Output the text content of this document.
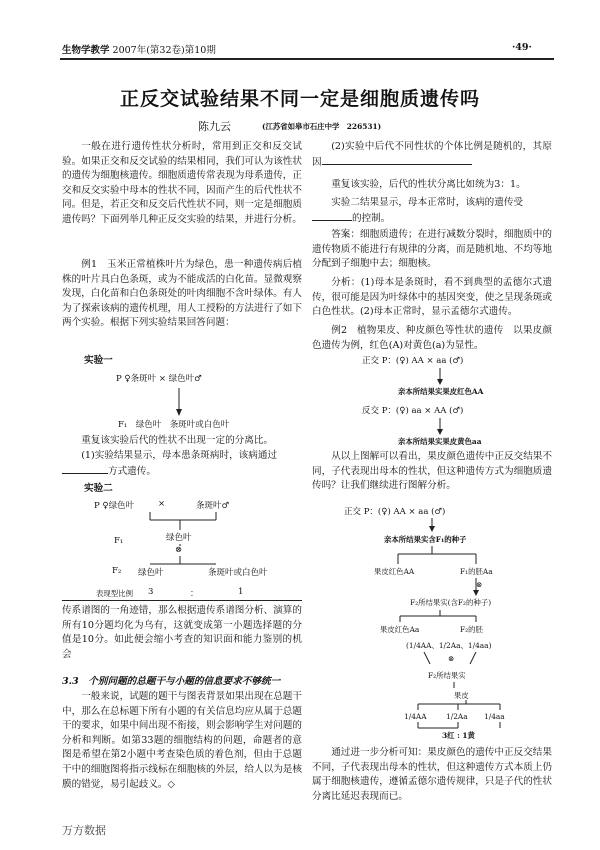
生物学教学 2007年(第32卷)第10期	·49·
正反交试验结果不同一定是细胞质遗传吗
陈九云	(江苏省如皋市石庄中学　226531)
一般在进行遗传性状分析时，常用到正交和反交试验。如果正交和反交试验的结果相同，我们可认为该性状的遗传为细胞核遗传。细胞质遗传常表现为母系遗传，正交和反交实验中母本的性状不同，因而产生的后代性状不同。但是，若正交和反交后代性状不同，则一定是细胞质遗传吗？下面列举几种正反交实验的结果，并进行分析。
例1　玉米正常植株叶片为绿色，患一种遗传病后植株的叶片具白色条斑，或为不能成活的白化苗。显微观察发现，白化苗和白色条斑处的叶肉细胞不含叶绿体。有人为了探索该病的遗传机理，用人工授粉的方法进行了如下两个实验。根据下列实验结果回答问题：
实验一
P ♀条斑叶 × 绿色叶♂
F₁　绿色叶　条斑叶或白色叶
重复该实验后代的性状不出现一定的分离比。
(1)实验结果显示，母本患条斑病时，该病通过
方式遗传。
实验二
P ♀绿色叶	×	条斑叶♂
F₁	绿色叶
⊗
F₂ 绿色叶	条斑叶或白色叶
表现型比例 3	：	1
传系谱图的一角迹错，那么根据遗传系谱图分析、演算的所有10分题均化为乌有，这就变成第一小题选择题的分值是10分。如此便会缩小考查的知识面和能力鉴别的机会
3.3　个别问题的总题干与小题的信息要求不够统一
一般来说，试题的题干与图表背景如果出现在总题干中，那么在总标题下所有小题的有关信息均应从属于总题干的要求，如果中间出现不衔接，则会影响学生对问题的分析和判断。如第33题的细胞结构的问题，命题者的意图是希望在第2小题中考查染色质的着色剂，但由于总题干中的细胞图将指示线标在细胞核的外层，给人以为是核膜的错觉，易引起歧义。◇
(2)实验中后代不同性状的个体比例是随机的，其原因
重复该实验，后代的性状分离比如统为3：1。
实验二结果显示，母本正常时，该病的遗传受
的控制。
答案：细胞质遗传；在进行减数分裂时，细胞质中的遗传物质不能进行有规律的分离，而是随机地、不均等地分配到子细胞中去；细胞核。
分析：(1)母本是条斑时，看不到典型的孟德尔式遗传，很可能是因为叶绿体中的基因突变，使之呈现条斑或白色性状。(2)母本正常时，显示孟德尔式遗传。
例2　植物果皮、种皮颜色等性状的遗传　以果皮颜色遗传为例，红色(A)对黄色(a)为显性。
正交 P：(♀) AA × aa (♂)
亲本所结果实果皮红色AA
反交 P：(♀) aa × AA (♂)
亲本所结果实果皮黄色aa
从以上图解可以看出，果皮颜色遗传中正反交结果不同，子代表现出母本的性状，但这种遗传方式为细胞质遗传吗？让我们继续进行图解分析。
正交 P：(♀) AA × aa (♂)
亲本所结果实含F₁的种子
果皮红色AA	F₁的胚Aa
⊗
F₂所结果实(含F₂的种子)
果皮红色Aa	F₂的胚
(1/4AA、1/2Aa、1/4aa)
⊗
F₂所结果实
果皮
1/4AA	1/2Aa 1/4aa
3红 : 1黄
通过进一步分析可知：果皮颜色的遗传中正反交结果不同，子代表现出母本的性状，但这种遗传方式本质上仍属于细胞核遗传，遵循孟德尔遗传规律，只是子代的性状分离比延迟表现而已。
万方数据
